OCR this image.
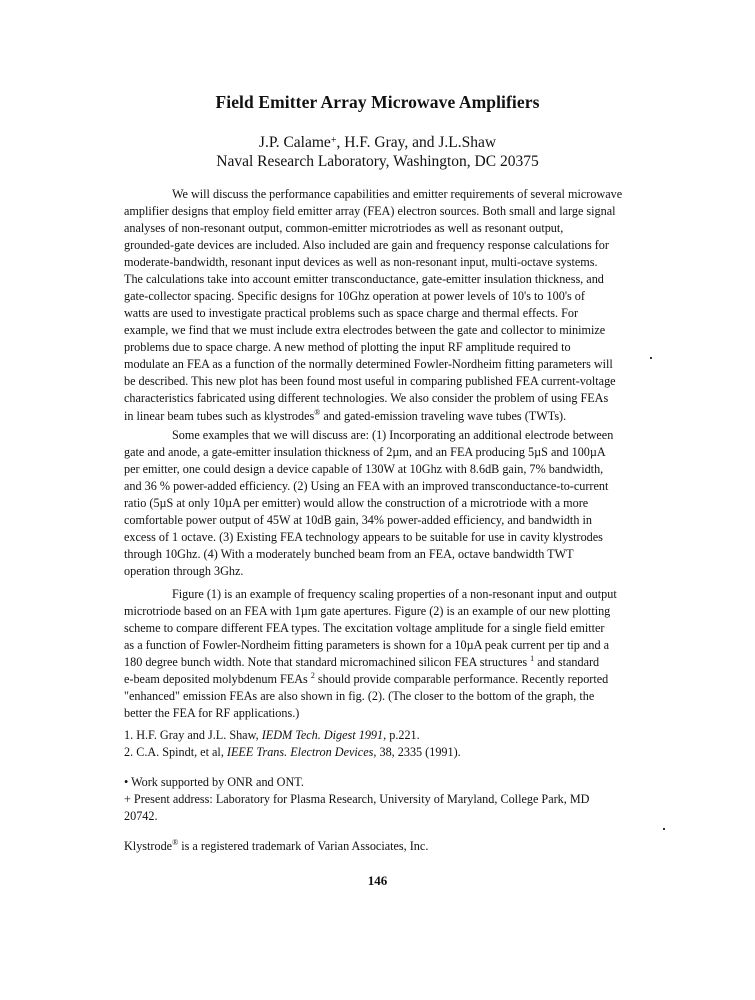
Field Emitter Array Microwave Amplifiers
J.P. Calame+, H.F. Gray, and J.L.Shaw
Naval Research Laboratory, Washington, DC 20375
We will discuss the performance capabilities and emitter requirements of several microwave
amplifier designs that employ field emitter array (FEA) electron sources. Both small and large signal
analyses of non-resonant output, common-emitter microtriodes as well as resonant output,
grounded-gate devices are included. Also included are gain and frequency response calculations for
moderate-bandwidth, resonant input devices as well as non-resonant input, multi-octave systems.
The calculations take into account emitter transconductance, gate-emitter insulation thickness, and
gate-collector spacing. Specific designs for 10Ghz operation at power levels of 10's to 100's of
watts are used to investigate practical problems such as space charge and thermal effects. For
example, we find that we must include extra electrodes between the gate and collector to minimize
problems due to space charge. A new method of plotting the input RF amplitude required to
modulate an FEA as a function of the normally determined Fowler-Nordheim fitting parameters will
be described. This new plot has been found most useful in comparing published FEA current-voltage
characteristics fabricated using different technologies. We also consider the problem of using FEAs
in linear beam tubes such as klystrodes® and gated-emission traveling wave tubes (TWTs).
Some examples that we will discuss are: (1) Incorporating an additional electrode between
gate and anode, a gate-emitter insulation thickness of 2µm, and an FEA producing 5µS and 100µA
per emitter, one could design a device capable of 130W at 10Ghz with 8.6dB gain, 7% bandwidth,
and 36 % power-added efficiency. (2) Using an FEA with an improved transconductance-to-current
ratio (5µS at only 10µA per emitter) would allow the construction of a microtriode with a more
comfortable power output of 45W at 10dB gain, 34% power-added efficiency, and bandwidth in
excess of 1 octave. (3) Existing FEA technology appears to be suitable for use in cavity klystrodes
through 10Ghz. (4) With a moderately bunched beam from an FEA, octave bandwidth TWT
operation through 3Ghz.
Figure (1) is an example of frequency scaling properties of a non-resonant input and output
microtriode based on an FEA with 1µm gate apertures. Figure (2) is an example of our new plotting
scheme to compare different FEA types. The excitation voltage amplitude for a single field emitter
as a function of Fowler-Nordheim fitting parameters is shown for a 10µA peak current per tip and a
180 degree bunch width. Note that standard micromachined silicon FEA structures $^1$ and standard
e-beam deposited molybdenum FEAs $^2$ should provide comparable performance. Recently reported
"enhanced" emission FEAs are also shown in fig. (2). (The closer to the bottom of the graph, the
better the FEA for RF applications.)
1. H.F. Gray and J.L. Shaw, IEDM Tech. Digest 1991, p.221.
2. C.A. Spindt, et al, IEEE Trans. Electron Devices, 38, 2335 (1991).
• Work supported by ONR and ONT.
+ Present address: Laboratory for Plasma Research, University of Maryland, College Park, MD
20742.
Klystrode® is a registered trademark of Varian Associates, Inc.
146
